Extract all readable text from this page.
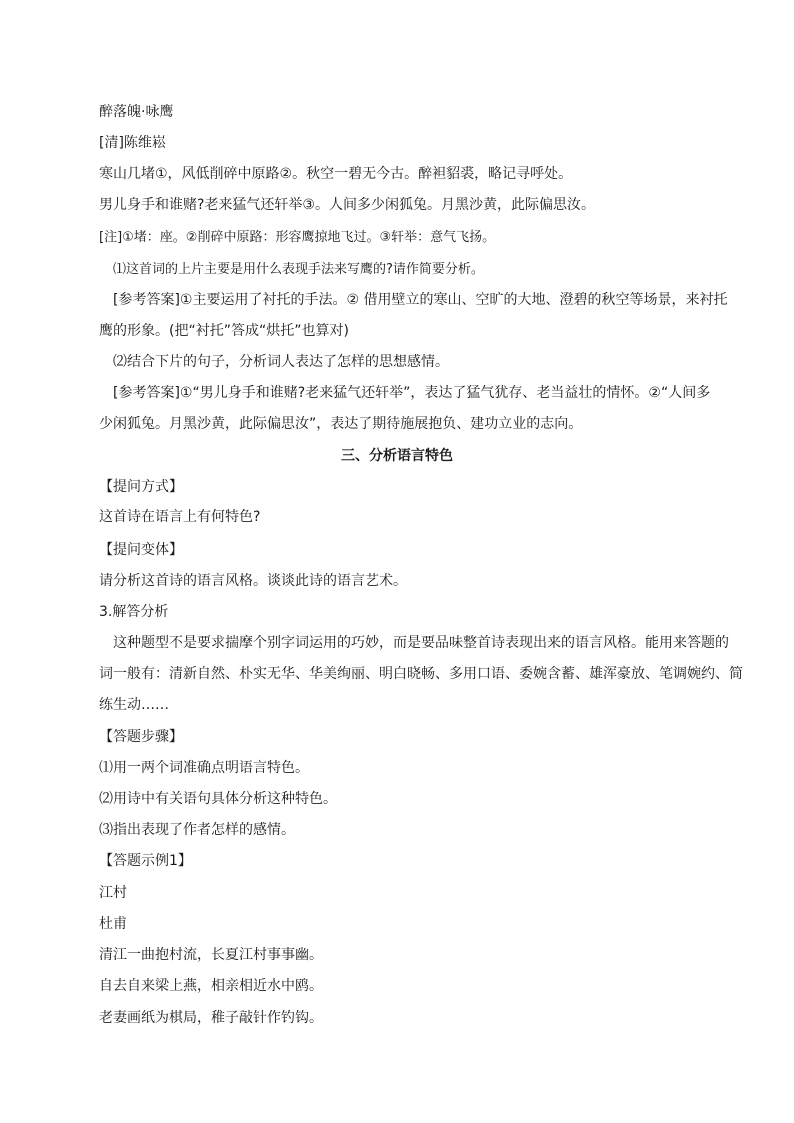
醉落魄·咏鹰
[清]陈维崧
寒山几堵①，风低削碎中原路②。秋空一碧无今古。醉袒貂裘，略记寻呼处。
男儿身手和谁赌?老来猛气还轩举③。人间多少闲狐兔。月黑沙黄，此际偏思汝。
[注]①堵：座。②削碎中原路：形容鹰掠地飞过。③轩举：意气飞扬。
⑴这首词的上片主要是用什么表现手法来写鹰的?请作简要分析。
[参考答案]①主要运用了衬托的手法。② 借用壁立的寒山、空旷的大地、澄碧的秋空等场景，来衬托
鹰的形象。(把“衬托”答成“烘托”也算对)
⑵结合下片的句子，分析词人表达了怎样的思想感情。
[参考答案]①“男儿身手和谁赌?老来猛气还轩举”，表达了猛气犹存、老当益壮的情怀。②“人间多
少闲狐兔。月黑沙黄，此际偏思汝”，表达了期待施展抱负、建功立业的志向。
三、分析语言特色
【提问方式】
这首诗在语言上有何特色?
【提问变体】
请分析这首诗的语言风格。谈谈此诗的语言艺术。
3.解答分析
这种题型不是要求揣摩个别字词运用的巧妙，而是要品味整首诗表现出来的语言风格。能用来答题的
词一般有：清新自然、朴实无华、华美绚丽、明白晓畅、多用口语、委婉含蓄、雄浑豪放、笔调婉约、简
练生动……
【答题步骤】
⑴用一两个词准确点明语言特色。
⑵用诗中有关语句具体分析这种特色。
⑶指出表现了作者怎样的感情。
【答题示例1】
江村
杜甫
清江一曲抱村流，长夏江村事事幽。
自去自来梁上燕，相亲相近水中鸥。
老妻画纸为棋局，稚子敲针作钓钩。
